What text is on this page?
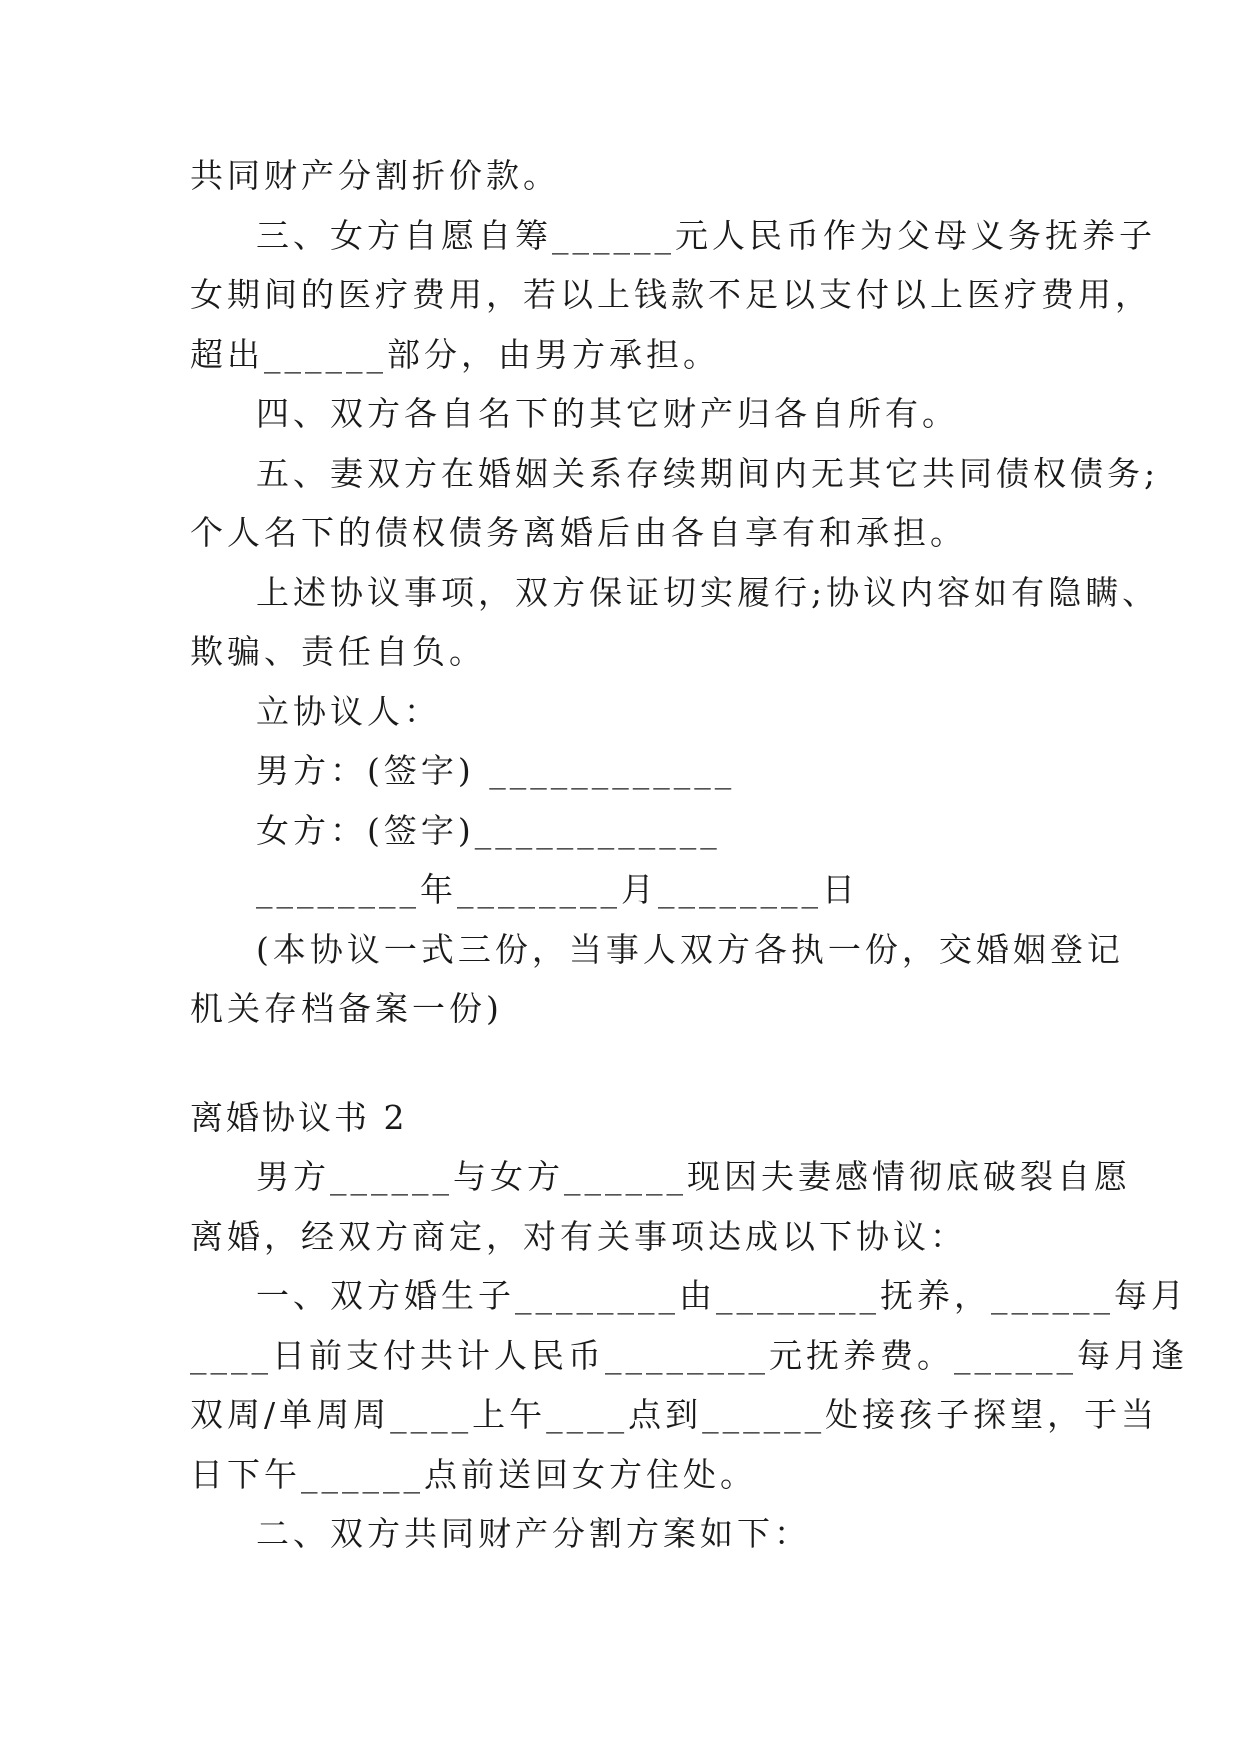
共同财产分割折价款。
三、女方自愿自筹______元人民币作为父母义务抚养子
女期间的医疗费用，若以上钱款不足以支付以上医疗费用，
超出______部分，由男方承担。
四、双方各自名下的其它财产归各自所有。
五、妻双方在婚姻关系存续期间内无其它共同债权债务;
个人名下的债权债务离婚后由各自享有和承担。
上述协议事项，双方保证切实履行;协议内容如有隐瞒、
欺骗、责任自负。
立协议人：
男方：(签字) ____________
女方：(签字)____________
________年________月________日
(本协议一式三份，当事人双方各执一份，交婚姻登记
机关存档备案一份)
离婚协议书 2
男方______与女方______现因夫妻感情彻底破裂自愿
离婚，经双方商定，对有关事项达成以下协议：
一、双方婚生子________由________抚养，______每月
____日前支付共计人民币________元抚养费。______每月逢
双周/单周周____上午____点到______处接孩子探望，于当
日下午______点前送回女方住处。
二、双方共同财产分割方案如下：
